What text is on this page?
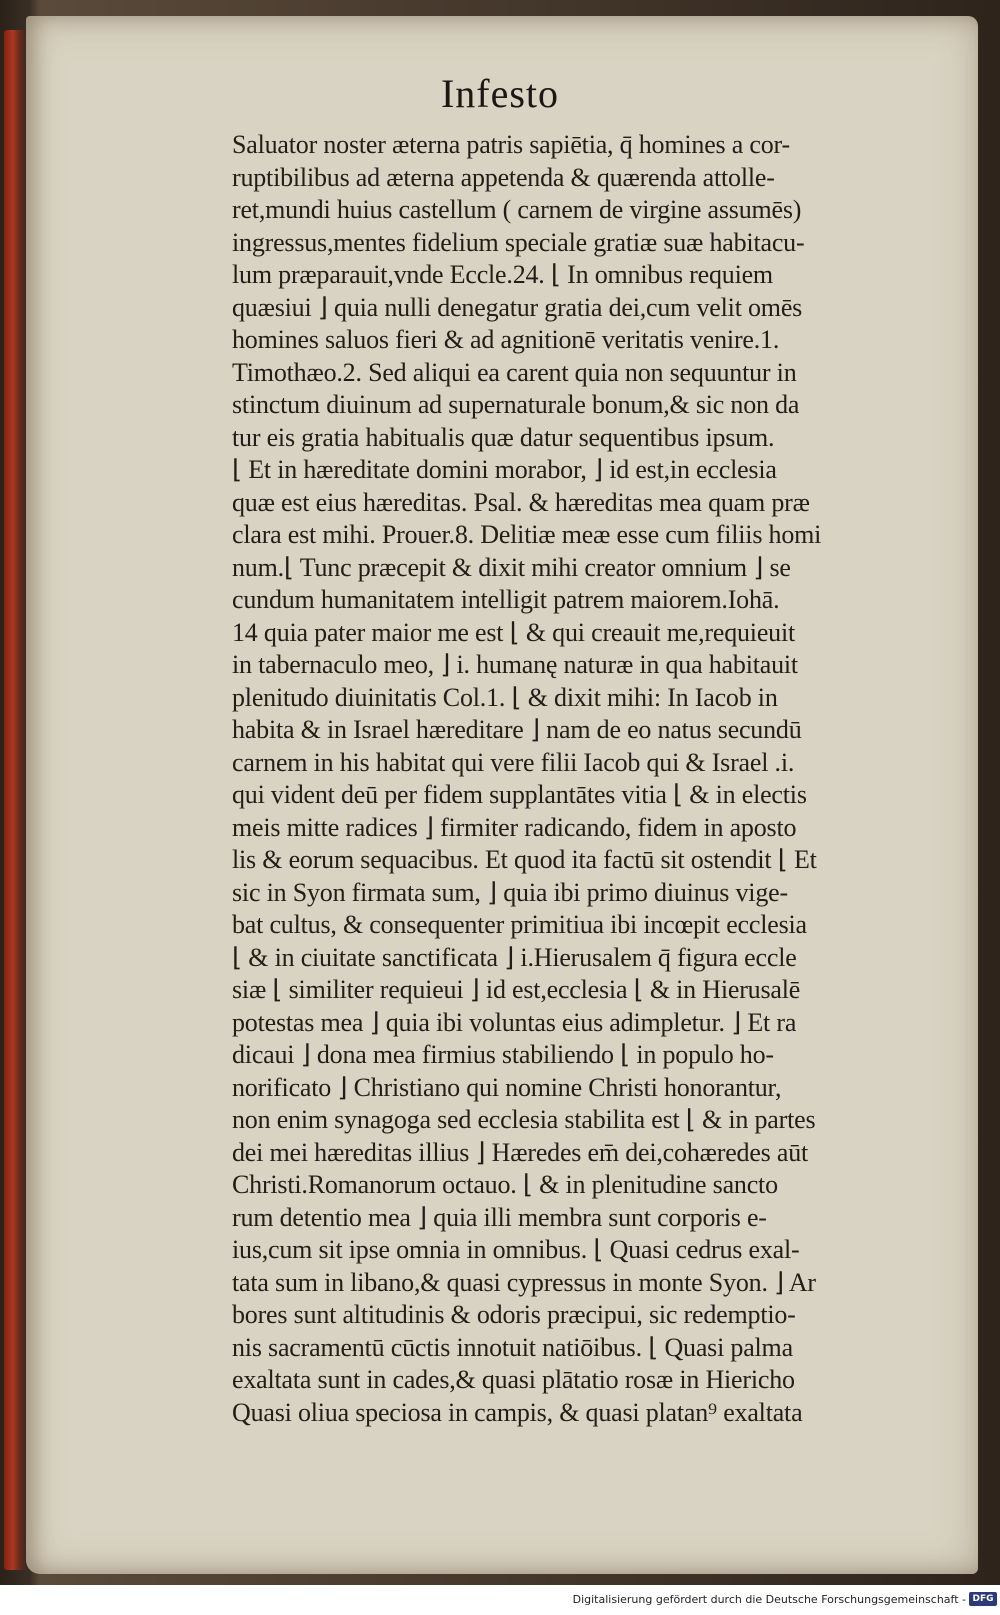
Infesto
Saluator noster æterna patris sapiētia, q̄ homines a cor-
ruptibilibus ad æterna appetenda & quærenda attolle-
ret,mundi huius castellum ( carnem de virgine assumēs)
ingressus,mentes fidelium speciale gratiæ suæ habitacu-
lum præparauit,vnde Eccle.24. ⌊ In omnibus requiem
quæsiui ⌋ quia nulli denegatur gratia dei,cum velit omēs
homines saluos fieri & ad agnitionē veritatis venire.1.
Timothæo.2. Sed aliqui ea carent quia non sequuntur in
stinctum diuinum ad supernaturale bonum,& sic non da
tur eis gratia habitualis quæ datur sequentibus ipsum.
⌊ Et in hæreditate domini morabor, ⌋ id est,in ecclesia
quæ est eius hæreditas. Psal. & hæreditas mea quam præ
clara est mihi. Prouer.8. Delitiæ meæ esse cum filiis homi
num.⌊ Tunc præcepit & dixit mihi creator omnium ⌋ se
cundum humanitatem intelligit patrem maiorem.Iohā.
14 quia pater maior me est ⌊ & qui creauit me,requieuit
in tabernaculo meo, ⌋ i. humanę naturæ in qua habitauit
plenitudo diuinitatis Col.1. ⌊ & dixit mihi: In Iacob in
habita & in Israel hæreditare ⌋ nam de eo natus secundū
carnem in his habitat qui vere filii Iacob qui & Israel .i.
qui vident deū per fidem supplantātes vitia ⌊ & in electis
meis mitte radices ⌋ firmiter radicando, fidem in aposto
lis & eorum sequacibus. Et quod ita factū sit ostendit ⌊ Et
sic in Syon firmata sum, ⌋ quia ibi primo diuinus vige-
bat cultus, & consequenter primitiua ibi incœpit ecclesia
⌊ & in ciuitate sanctificata ⌋ i.Hierusalem q̄ figura eccle
siæ ⌊ similiter requieui ⌋ id est,ecclesia ⌊ & in Hierusalē
potestas mea ⌋ quia ibi voluntas eius adimpletur. ⌋ Et ra
dicaui ⌋ dona mea firmius stabiliendo ⌊ in populo ho-
norificato ⌋ Christiano qui nomine Christi honorantur,
non enim synagoga sed ecclesia stabilita est ⌊ & in partes
dei mei hæreditas illius ⌋ Hæredes em̄ dei,cohæredes aūt
Christi.Romanorum octauo. ⌊ & in plenitudine sancto
rum detentio mea ⌋ quia illi membra sunt corporis e-
ius,cum sit ipse omnia in omnibus. ⌊ Quasi cedrus exal-
tata sum in libano,& quasi cypressus in monte Syon. ⌋ Ar
bores sunt altitudinis & odoris præcipui, sic redemptio-
nis sacramentū cūctis innotuit natiōibus. ⌊ Quasi palma
exaltata sunt in cades,& quasi plātatio rosæ in Hiericho
Quasi oliua speciosa in campis, & quasi platan⁹ exaltata
Digitalisierung gefördert durch die Deutsche Forschungsgemeinschaft - DFG
